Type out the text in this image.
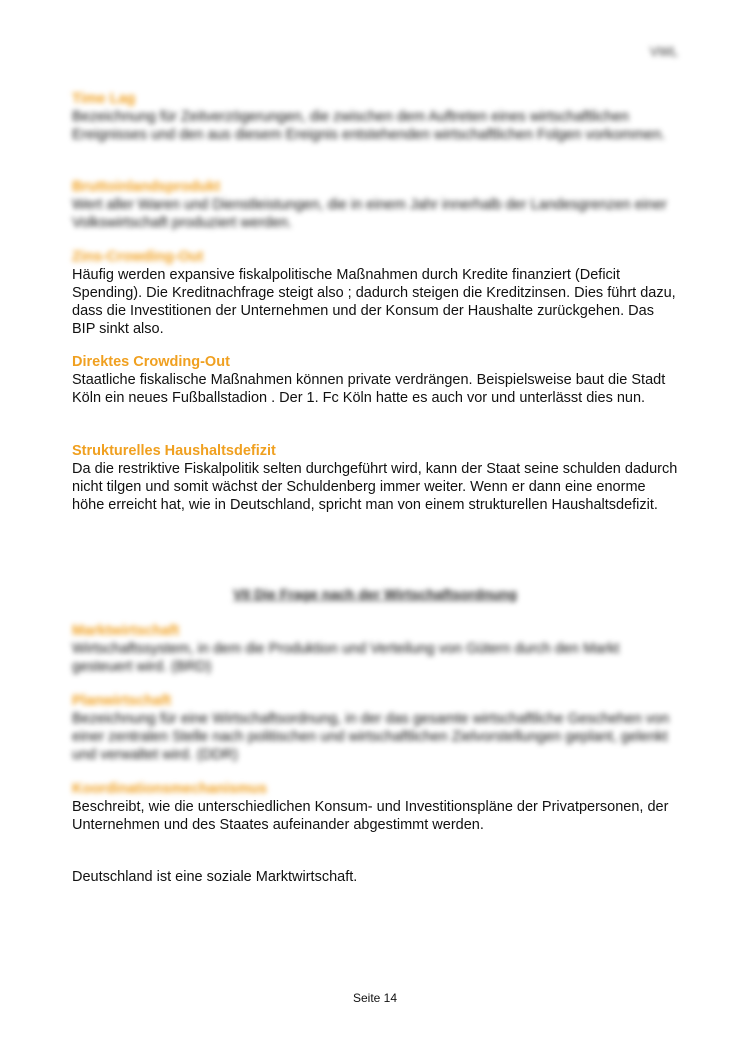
VWL
Time Lag

Bezeichnung für Zeitverzögerungen, die zwischen dem Auftreten eines wirtschaftlichen Ereignisses und den aus diesem Ereignis entstehenden wirtschaftlichen Folgen vorkommen.

Bruttoinlandsprodukt

Wert aller Waren und Dienstleistungen, die in einem Jahr innerhalb der Landesgrenzen einer Volkswirtschaft produziert werden.

Zins-Crowding-Out

Häufig werden expansive fiskalpolitische Maßnahmen durch Kredite finanziert (Deficit Spending). Die Kreditnachfrage steigt also ; dadurch steigen die Kreditzinsen. Dies führt dazu, dass die Investitionen der Unternehmen und der Konsum der Haushalte zurückgehen. Das BIP sinkt also.

Direktes Crowding-Out

Staatliche fiskalische Maßnahmen können private verdrängen. Beispielsweise baut die Stadt Köln ein neues Fußballstadion . Der 1. Fc Köln hatte es auch vor und unterlässt dies nun.

Strukturelles Haushaltsdefizit

Da die restriktive Fiskalpolitik selten durchgeführt wird, kann der Staat seine schulden dadurch nicht tilgen und somit wächst der Schuldenberg immer weiter. Wenn er dann eine enorme höhe erreicht hat, wie in Deutschland, spricht man von einem strukturellen Haushaltsdefizit.

VII Die Frage nach der Wirtschaftsordnung
Marktwirtschaft

Wirtschaftssystem, in dem die Produktion und Verteilung von Gütern durch den Markt gesteuert wird. (BRD)

Planwirtschaft

Bezeichnung für eine Wirtschaftsordnung, in der das gesamte wirtschaftliche Geschehen von einer zentralen Stelle nach politischen und wirtschaftlichen Zielvorstellungen geplant, gelenkt und verwaltet wird. (DDR)

Koordinationsmechanismus

Beschreibt, wie die unterschiedlichen Konsum- und Investitionspläne der Privatpersonen, der Unternehmen und des Staates aufeinander abgestimmt werden.

Deutschland ist eine soziale Marktwirtschaft.

Seite 14
